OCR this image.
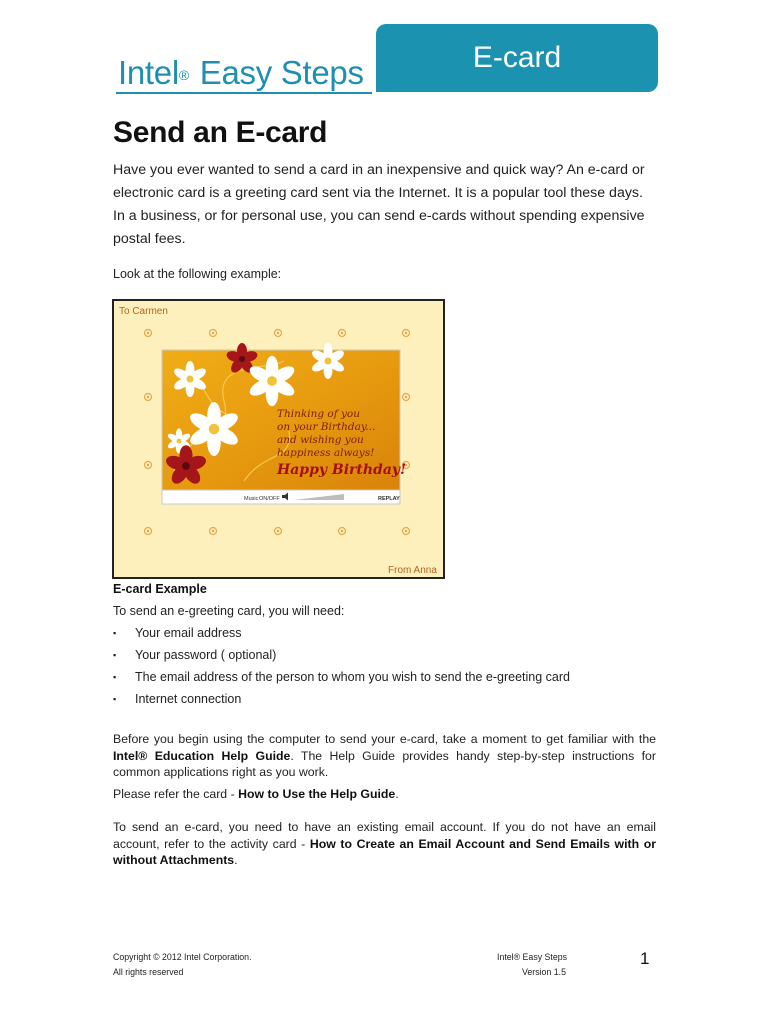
Intel® Easy Steps	E-card
Send an E-card

Have you ever wanted to send a card in an inexpensive and quick way? An e-card or electronic card is a greeting card sent via the Internet. It is a popular tool these days. In a business, or for personal use, you can send e-cards without spending expensive postal fees.

Look at the following example:

To Carmen
Thinking of you
on your Birthday...
and wishing you
happiness always!
Happy Birthday!
Music ON/OFF	REPLAY
From Anna

E-card Example

To send an e-greeting card, you will need:

▪ Your email address
▪ Your password ( optional)
▪ The email address of the person to whom you wish to send the e-greeting card
▪ Internet connection

Before you begin using the computer to send your e-card, take a moment to get familiar with the Intel® Education Help Guide. The Help Guide provides handy step-by-step instructions for common applications right as you work.

Please refer the card - How to Use the Help Guide.

To send an e-card, you need to have an existing email account. If you do not have an email account, refer to the activity card - How to Create an Email Account and Send Emails with or without Attachments.

Copyright © 2012 Intel Corporation.

All rights reserved

Intel® Easy Steps

Version 1.5

1
